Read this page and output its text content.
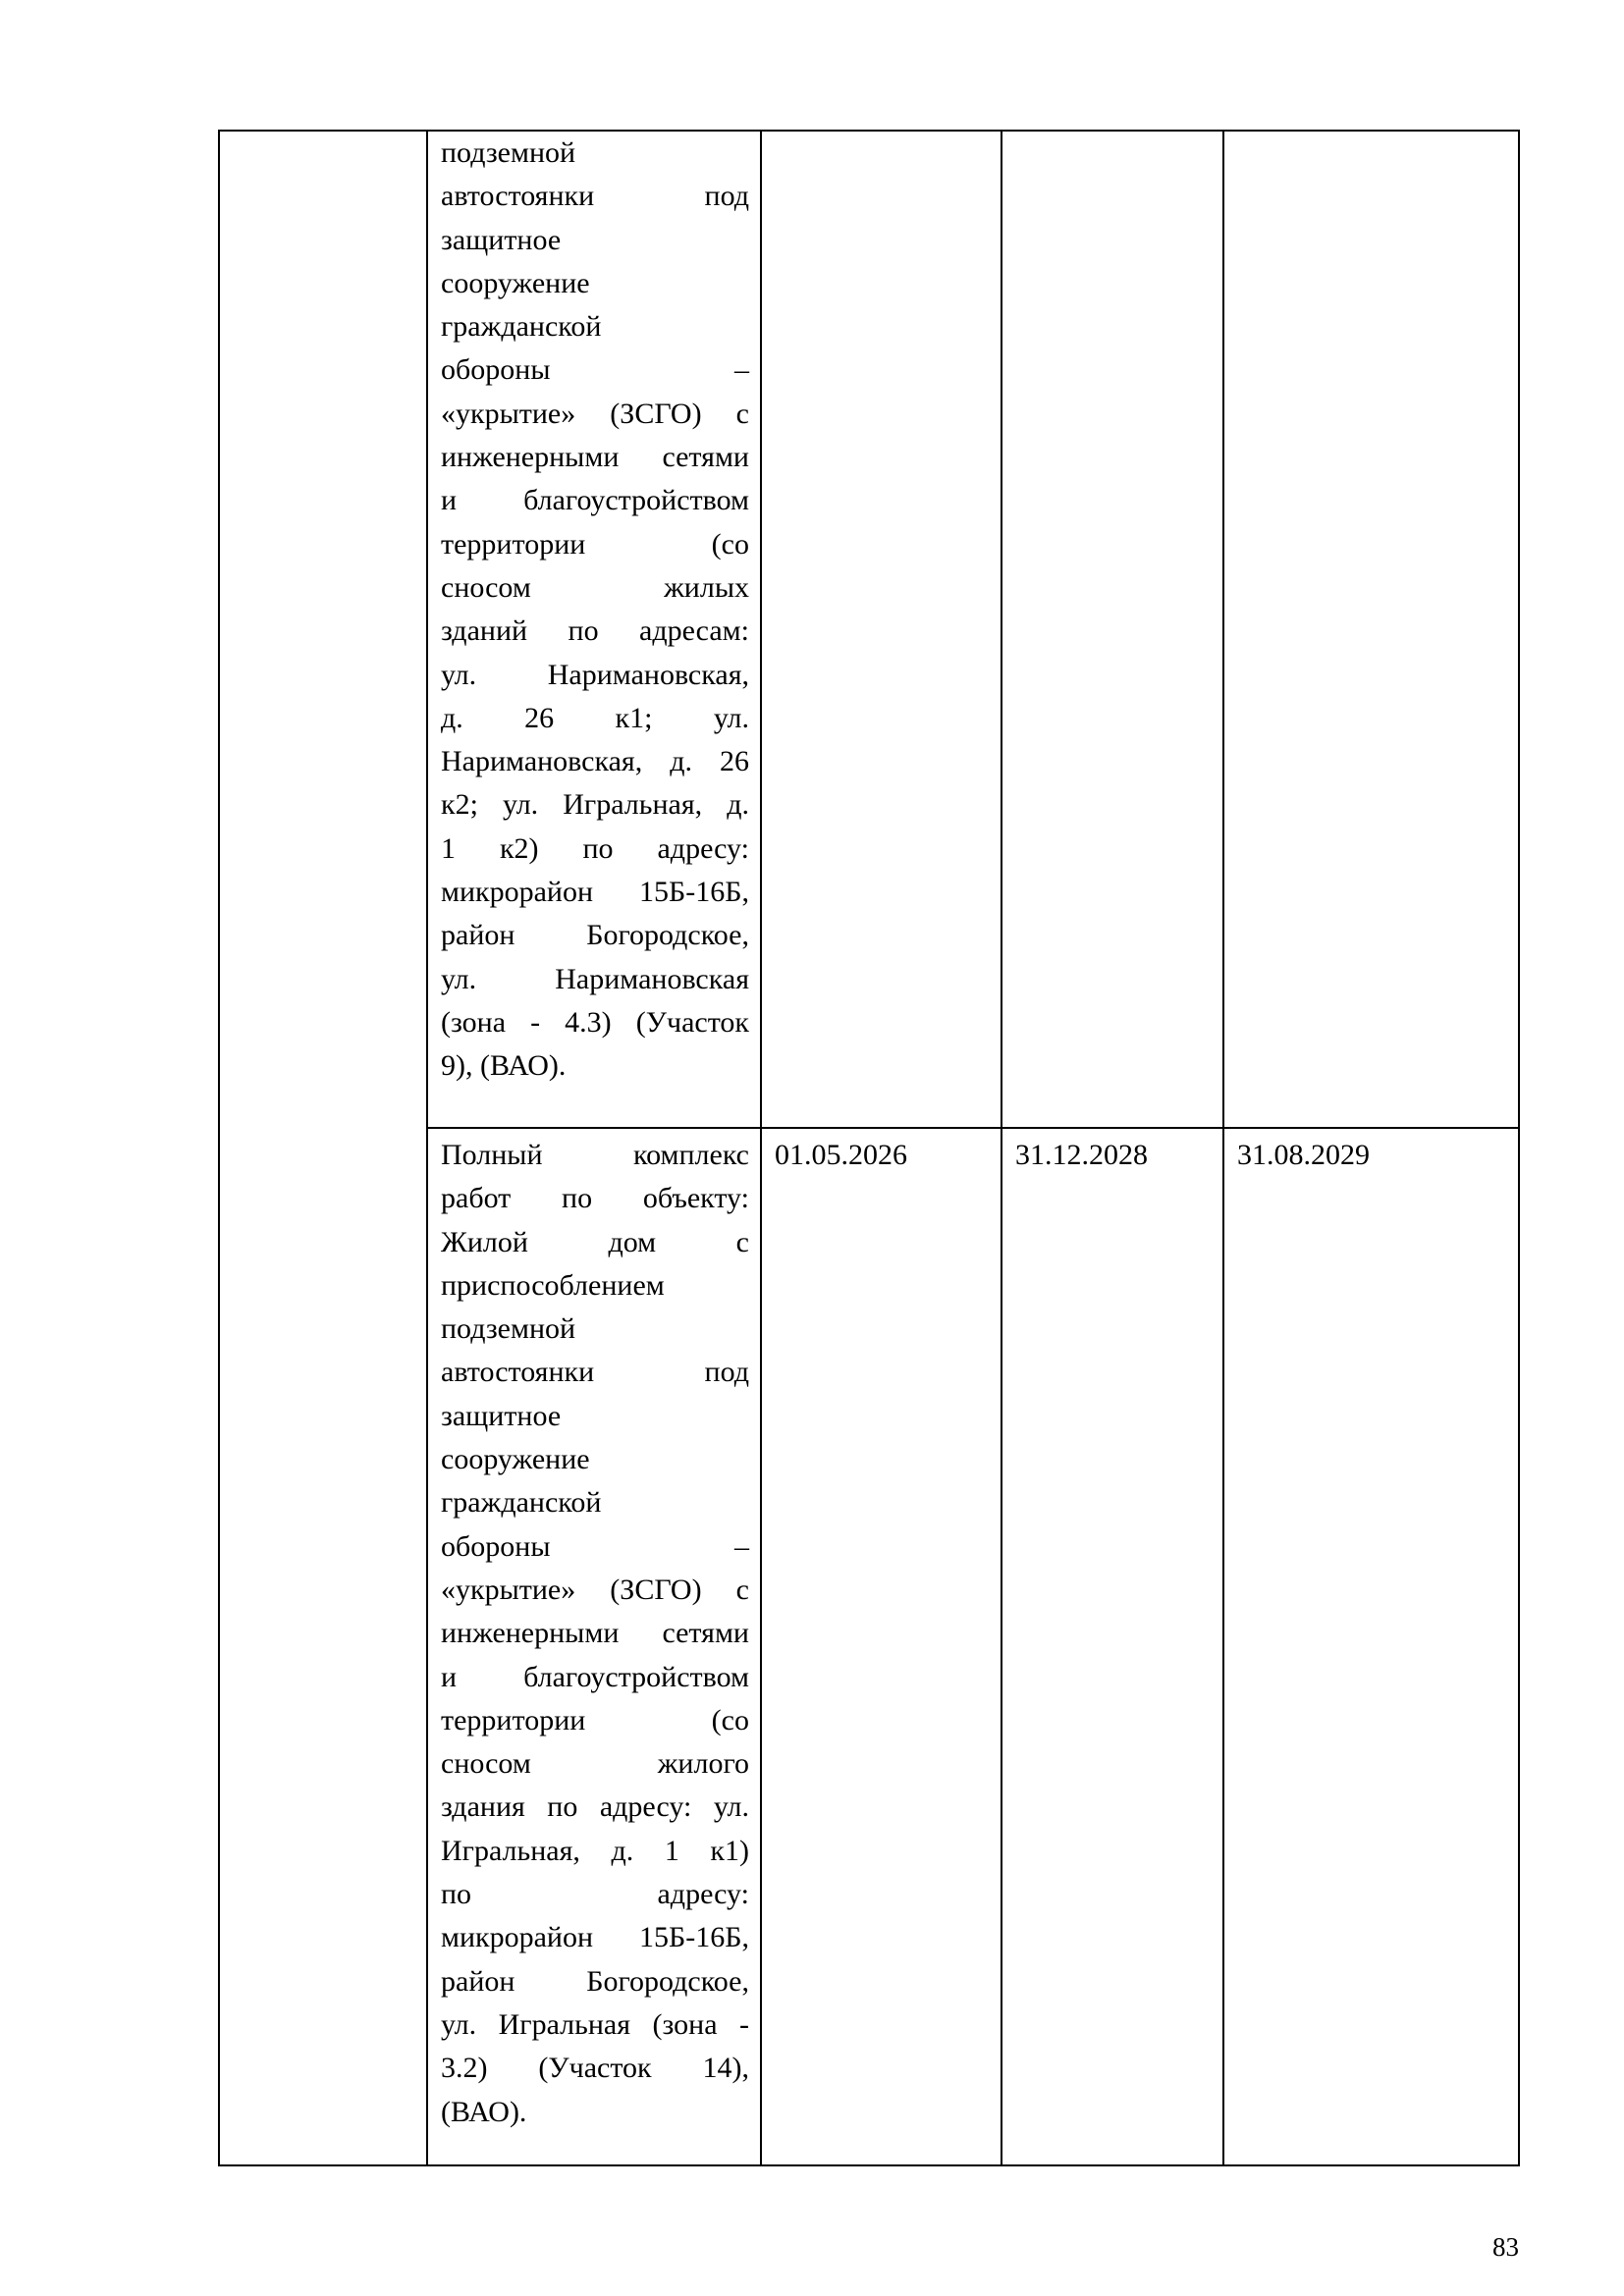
подземной
автостоянки под
защитное
сооружение
гражданской
обороны –
«укрытие» (ЗСГО) с
инженерными сетями
и благоустройством
территории (со
сносом жилых
зданий по адресам:
ул. Наримановская,
д. 26 к1; ул.
Наримановская, д. 26
к2; ул. Игральная, д.
1 к2) по адресу:
микрорайон 15Б-16Б,
район Богородское,
ул. Наримановская
(зона - 4.3) (Участок
9), (ВАО).
Полный комплекс
работ по объекту:
Жилой дом с
приспособлением
подземной
автостоянки под
защитное
сооружение
гражданской
обороны –
«укрытие» (ЗСГО) с
инженерными сетями
и благоустройством
территории (со
сносом жилого
здания по адресу: ул.
Игральная, д. 1 к1)
по адресу:
микрорайон 15Б-16Б,
район Богородское,
ул. Игральная (зона -
3.2) (Участок 14),
(ВАО).
01.05.2026	31.12.2028	31.08.2029
83
